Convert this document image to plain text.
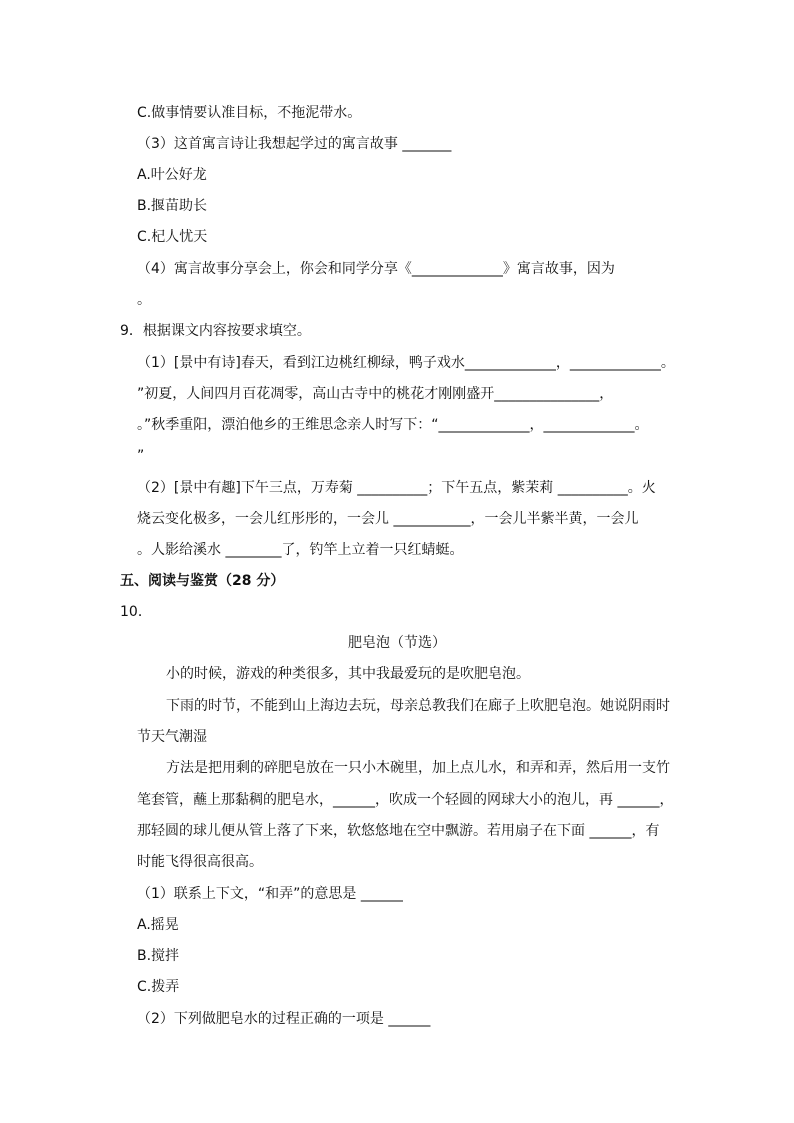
C.做事情要认准目标，不拖泥带水。
（3）这首寓言诗让我想起学过的寓言故事 _______
A.叶公好龙
B.揠苗助长
C.杞人忧天
（4）寓言故事分享会上，你会和同学分享《_____________》寓言故事，因为
。
9．根据课文内容按要求填空。
（1）[景中有诗]春天，看到江边桃红柳绿，鸭子戏水_____________，_____________。
”初夏，人间四月百花凋零，高山古寺中的桃花才刚刚盛开_______________，
。”秋季重阳，漂泊他乡的王维思念亲人时写下：“_____________，_____________。
”
（2）[景中有趣]下午三点，万寿菊 __________；下午五点，紫茉莉 __________。火
烧云变化极多，一会儿红彤彤的，一会儿 ___________，一会儿半紫半黄，一会儿
。人影给溪水 ________了，钓竿上立着一只红蜻蜓。
五、阅读与鉴赏（28 分）
10．
肥皂泡（节选）
小的时候，游戏的种类很多，其中我最爱玩的是吹肥皂泡。
下雨的时节，不能到山上海边去玩，母亲总教我们在廊子上吹肥皂泡。她说阴雨时
节天气潮湿
方法是把用剩的碎肥皂放在一只小木碗里，加上点儿水，和弄和弄，然后用一支竹
笔套管，蘸上那黏稠的肥皂水，______，吹成一个轻圆的网球大小的泡儿，再 ______，
那轻圆的球儿便从管上落了下来，软悠悠地在空中飘游。若用扇子在下面 ______，有
时能飞得很高很高。
（1）联系上下文，“和弄”的意思是 ______
A.摇晃
B.搅拌
C.拨弄
（2）下列做肥皂水的过程正确的一项是 ______
